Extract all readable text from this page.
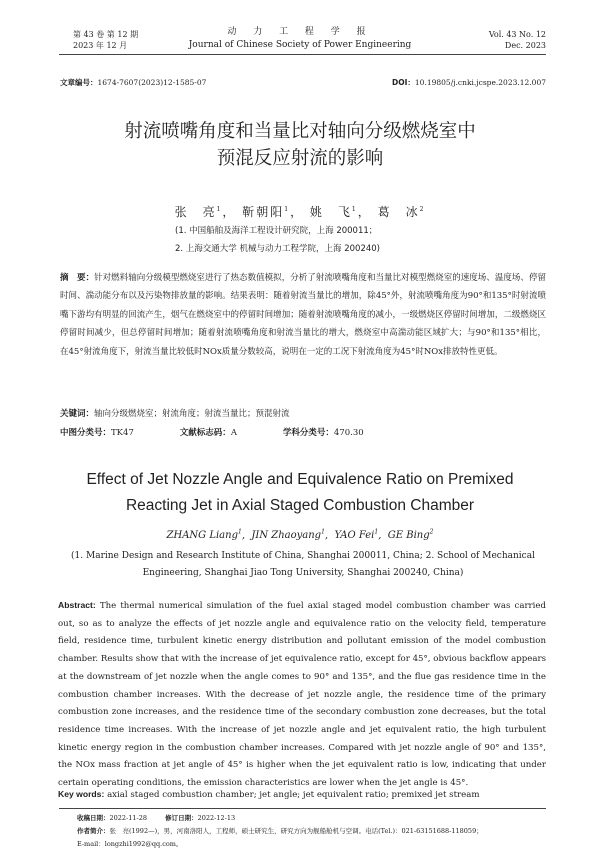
第 43 卷 第 12 期
2023 年 12 月
动 力 工 程 学 报
Journal of Chinese Society of Power Engineering
Vol. 43 No. 12
Dec. 2023
文章编号：1674-7607(2023)12-1585-07	DOI：10.19805/j.cnki.jcspe.2023.12.007
射流喷嘴角度和当量比对轴向分级燃烧室中
预混反应射流的影响
张　亮$^1$， 靳朝阳$^1$， 姚　飞$^1$， 葛　冰$^2$
(1. 中国船舶及海洋工程设计研究院，上海 200011；
2. 上海交通大学 机械与动力工程学院，上海 200240)
摘　要：针对燃料轴向分级模型燃烧室进行了热态数值模拟，分析了射流喷嘴角度和当量比对模型燃烧室的速度场、温度场、停留时间、湍动能分布以及污染物排放量的影响。结果表明：随着射流当量比的增加，除45°外，射流喷嘴角度为90°和135°时射流喷嘴下游均有明显的回流产生，烟气在燃烧室中的停留时间增加；随着射流喷嘴角度的减小，一级燃烧区停留时间增加，二级燃烧区停留时间减少，但总停留时间增加；随着射流喷嘴角度和射流当量比的增大，燃烧室中高湍动能区域扩大；与90°和135°相比，在45°射流角度下，射流当量比较低时NOx质量分数较高，说明在一定的工况下射流角度为45°时NOx排放特性更低。
关键词：轴向分级燃烧室；射流角度；射流当量比；预混射流
中图分类号：TK47	文献标志码：A	学科分类号：470.30
Effect of Jet Nozzle Angle and Equivalence Ratio on Premixed
Reacting Jet in Axial Staged Combustion Chamber
ZHANG Liang$^1$,  JIN Zhaoyang$^1$,  YAO Fei$^1$,  GE Bing$^2$
(1. Marine Design and Research Institute of China, Shanghai 200011, China; 2. School of Mechanical
Engineering, Shanghai Jiao Tong University, Shanghai 200240, China)
Abstract: The thermal numerical simulation of the fuel axial staged model combustion chamber was carried out, so as to analyze the effects of jet nozzle angle and equivalence ratio on the velocity field, temperature field, residence time, turbulent kinetic energy distribution and pollutant emission of the model combustion chamber. Results show that with the increase of jet equivalence ratio, except for 45°, obvious backflow appears at the downstream of jet nozzle when the angle comes to 90° and 135°, and the flue gas residence time in the combustion chamber increases. With the decrease of jet nozzle angle, the residence time of the primary combustion zone increases, and the residence time of the secondary combustion zone decreases, but the total residence time increases. With the increase of jet nozzle angle and jet equivalent ratio, the high turbulent kinetic energy region in the combustion chamber increases. Compared with jet nozzle angle of 90° and 135°, the NOx mass fraction at jet angle of 45° is higher when the jet equivalent ratio is low, indicating that under certain operating conditions, the emission characteristics are lower when the jet angle is 45°.
Key words: axial staged combustion chamber; jet angle; jet equivalent ratio; premixed jet stream
收稿日期：2022-11-28	修订日期：2022-12-13
作者简介：张　亮(1992—)，男，河南洛阳人，工程师，硕士研究生，研究方向为舰船舱机与空调。电话(Tel.)：021-63151688-118059；
E-mail：longzhi1992@qq.com。
